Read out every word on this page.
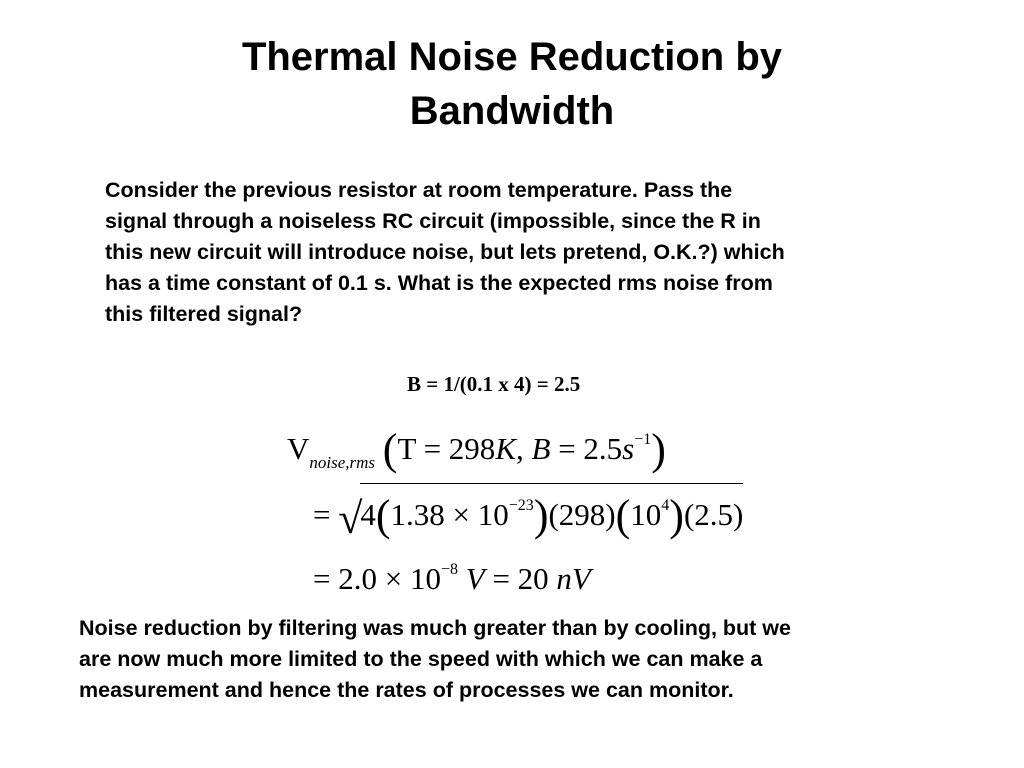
Thermal Noise Reduction by
Bandwidth
Consider the previous resistor at room temperature. Pass the
signal through a noiseless RC circuit (impossible, since the R in
this new circuit will introduce noise, but lets pretend, O.K.?) which
has a time constant of 0.1 s. What is the expected rms noise from
this filtered signal?
B = 1/(0.1 x 4) = 2.5
$V_{noise,rms}$ (T = 298K, $B = 2.5s^{-1}$)
= $√4(1.38 \times 10^{-23})(298)(10^4)(2.5)$
= $2.0 \times 10^{-8}$ V = 20 nV
Noise reduction by filtering was much greater than by cooling, but we
are now much more limited to the speed with which we can make a
measurement and hence the rates of processes we can monitor.
